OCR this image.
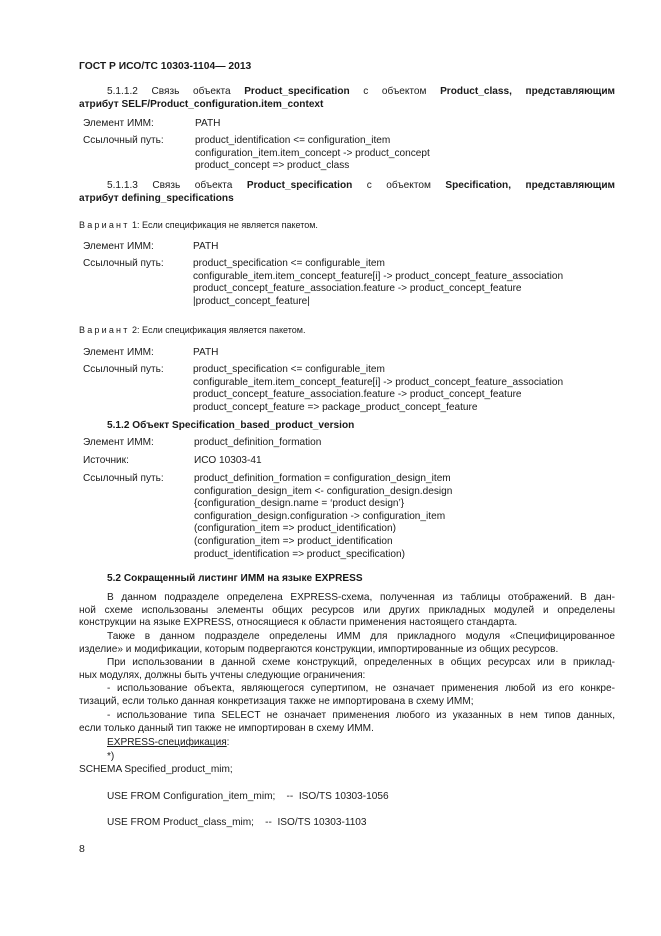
ГОСТ Р ИСО/ТС 10303-1104— 2013
5.1.1.2 Связь объекта Product_specification с объектом Product_class, представляющим
атрибут SELF/Product_configuration.item_context
Элемент ИММ:	PATH
Ссылочный путь:	product_identification <= configuration_item
configuration_item.item_concept -> product_concept
product_concept => product_class
5.1.1.3 Связь объекта Product_specification с объектом Specification, представляющим
атрибут defining_specifications
Вариант 1: Если спецификация не является пакетом.
Элемент ИММ:	PATH
Ссылочный путь:	product_specification <= configurable_item
configurable_item.item_concept_feature[i] -> product_concept_feature_association
product_concept_feature_association.feature -> product_concept_feature
|product_concept_feature|
Вариант 2: Если спецификация является пакетом.
Элемент ИММ:	PATH
Ссылочный путь:	product_specification <= configurable_item
configurable_item.item_concept_feature[i] -> product_concept_feature_association
product_concept_feature_association.feature -> product_concept_feature
product_concept_feature => package_product_concept_feature
5.1.2 Объект Specification_based_product_version
Элемент ИММ:	product_definition_formation
Источник:	ИСО 10303-41
Ссылочный путь:	product_definition_formation = configuration_design_item
configuration_design_item <- configuration_design.design
{configuration_design.name = ‘product design’}
configuration_design.configuration -> configuration_item
(configuration_item => product_identification)
(configuration_item => product_identification
product_identification => product_specification)
5.2 Сокращенный листинг ИММ на языке EXPRESS
В данном подразделе определена EXPRESS-схема, полученная из таблицы отображений. В дан-
ной схеме использованы элементы общих ресурсов или других прикладных модулей и определены
конструкции на языке EXPRESS, относящиеся к области применения настоящего стандарта.
Также в данном подразделе определены ИММ для прикладного модуля «Специфицированное
изделие» и модификации, которым подвергаются конструкции, импортированные из общих ресурсов.
При использовании в данной схеме конструкций, определенных в общих ресурсах или в приклад-
ных модулях, должны быть учтены следующие ограничения:
- использование объекта, являющегося супертипом, не означает применения любой из его конкре-
тизаций, если только данная конкретизация также не импортирована в схему ИММ;
- использование типа SELECT не означает применения любого из указанных в нем типов данных,
если только данный тип также не импортирован в схему ИММ.
EXPRESS-спецификация:
*)
SCHEMA Specified_product_mim;
USE FROM Configuration_item_mim;    --  ISO/TS 10303-1056
USE FROM Product_class_mim;    --  ISO/TS 10303-1103
8
